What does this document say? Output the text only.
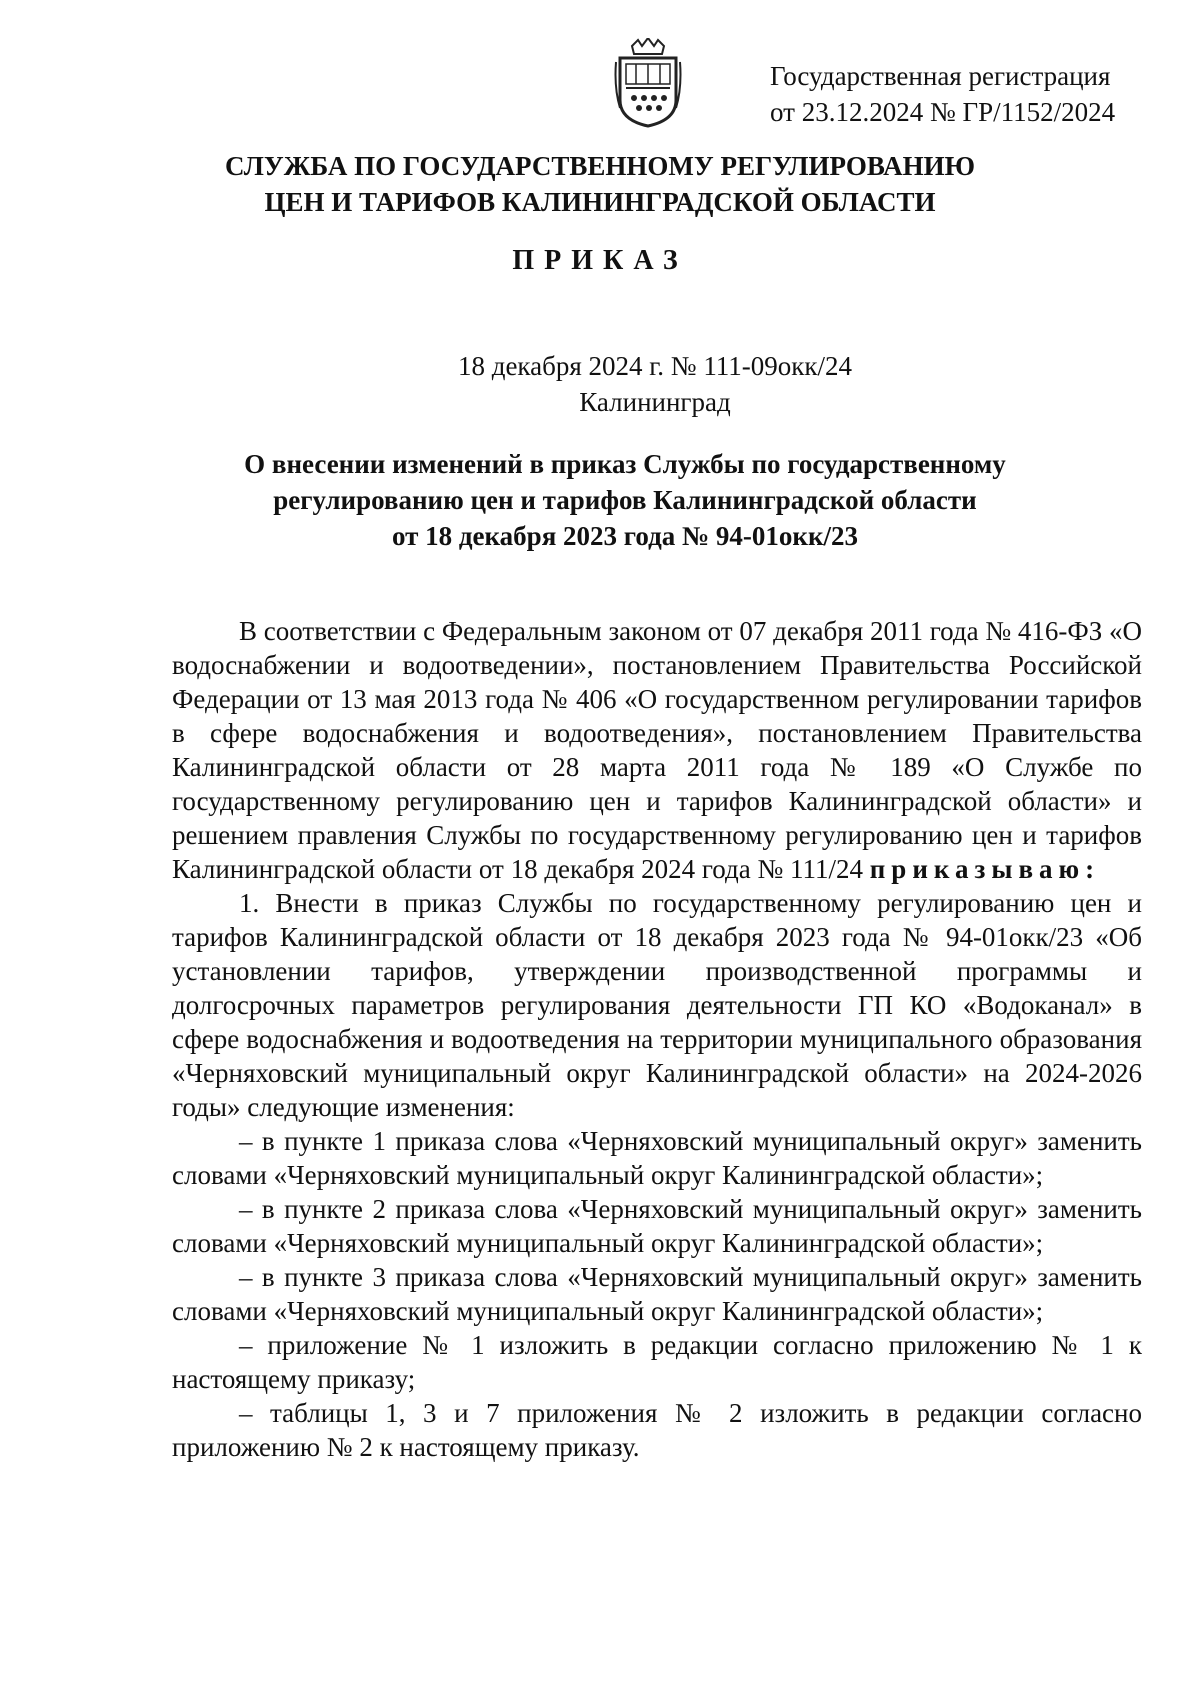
Государственная регистрация
от 23.12.2024 № ГР/1152/2024
СЛУЖБА ПО ГОСУДАРСТВЕННОМУ РЕГУЛИРОВАНИЮ
ЦЕН И ТАРИФОВ КАЛИНИНГРАДСКОЙ ОБЛАСТИ
ПРИКАЗ
18 декабря 2024 г. № 111-09окк/24
Калининград
О внесении изменений в приказ Службы по государственному
регулированию цен и тарифов Калининградской области
от 18 декабря 2023 года № 94-01окк/23

В соответствии с Федеральным законом от 07 декабря 2011 года № 416-ФЗ «О водоснабжении и водоотведении», постановлением Правительства Российской Федерации от 13 мая 2013 года № 406 «О государственном регулировании тарифов в сфере водоснабжения и водоотведения», постановлением Правительства Калининградской области от 28 марта 2011 года № 189 «О Службе по государственному регулированию цен и тарифов Калининградской области» и решением правления Службы по государственному регулированию цен и тарифов Калининградской области от 18 декабря 2024 года № 111/24 приказываю:

1. Внести в приказ Службы по государственному регулированию цен и тарифов Калининградской области от 18 декабря 2023 года № 94-01окк/23 «Об установлении тарифов, утверждении производственной программы и долгосрочных параметров регулирования деятельности ГП КО «Водоканал» в сфере водоснабжения и водоотведения на территории муниципального образования «Черняховский муниципальный округ Калининградской области» на 2024-2026 годы» следующие изменения:

– в пункте 1 приказа слова «Черняховский муниципальный округ» заменить словами «Черняховский муниципальный округ Калининградской области»;

– в пункте 2 приказа слова «Черняховский муниципальный округ» заменить словами «Черняховский муниципальный округ Калининградской области»;

– в пункте 3 приказа слова «Черняховский муниципальный округ» заменить словами «Черняховский муниципальный округ Калининградской области»;

– приложение № 1 изложить в редакции согласно приложению № 1 к настоящему приказу;

– таблицы 1, 3 и 7 приложения № 2 изложить в редакции согласно приложению № 2 к настоящему приказу.
